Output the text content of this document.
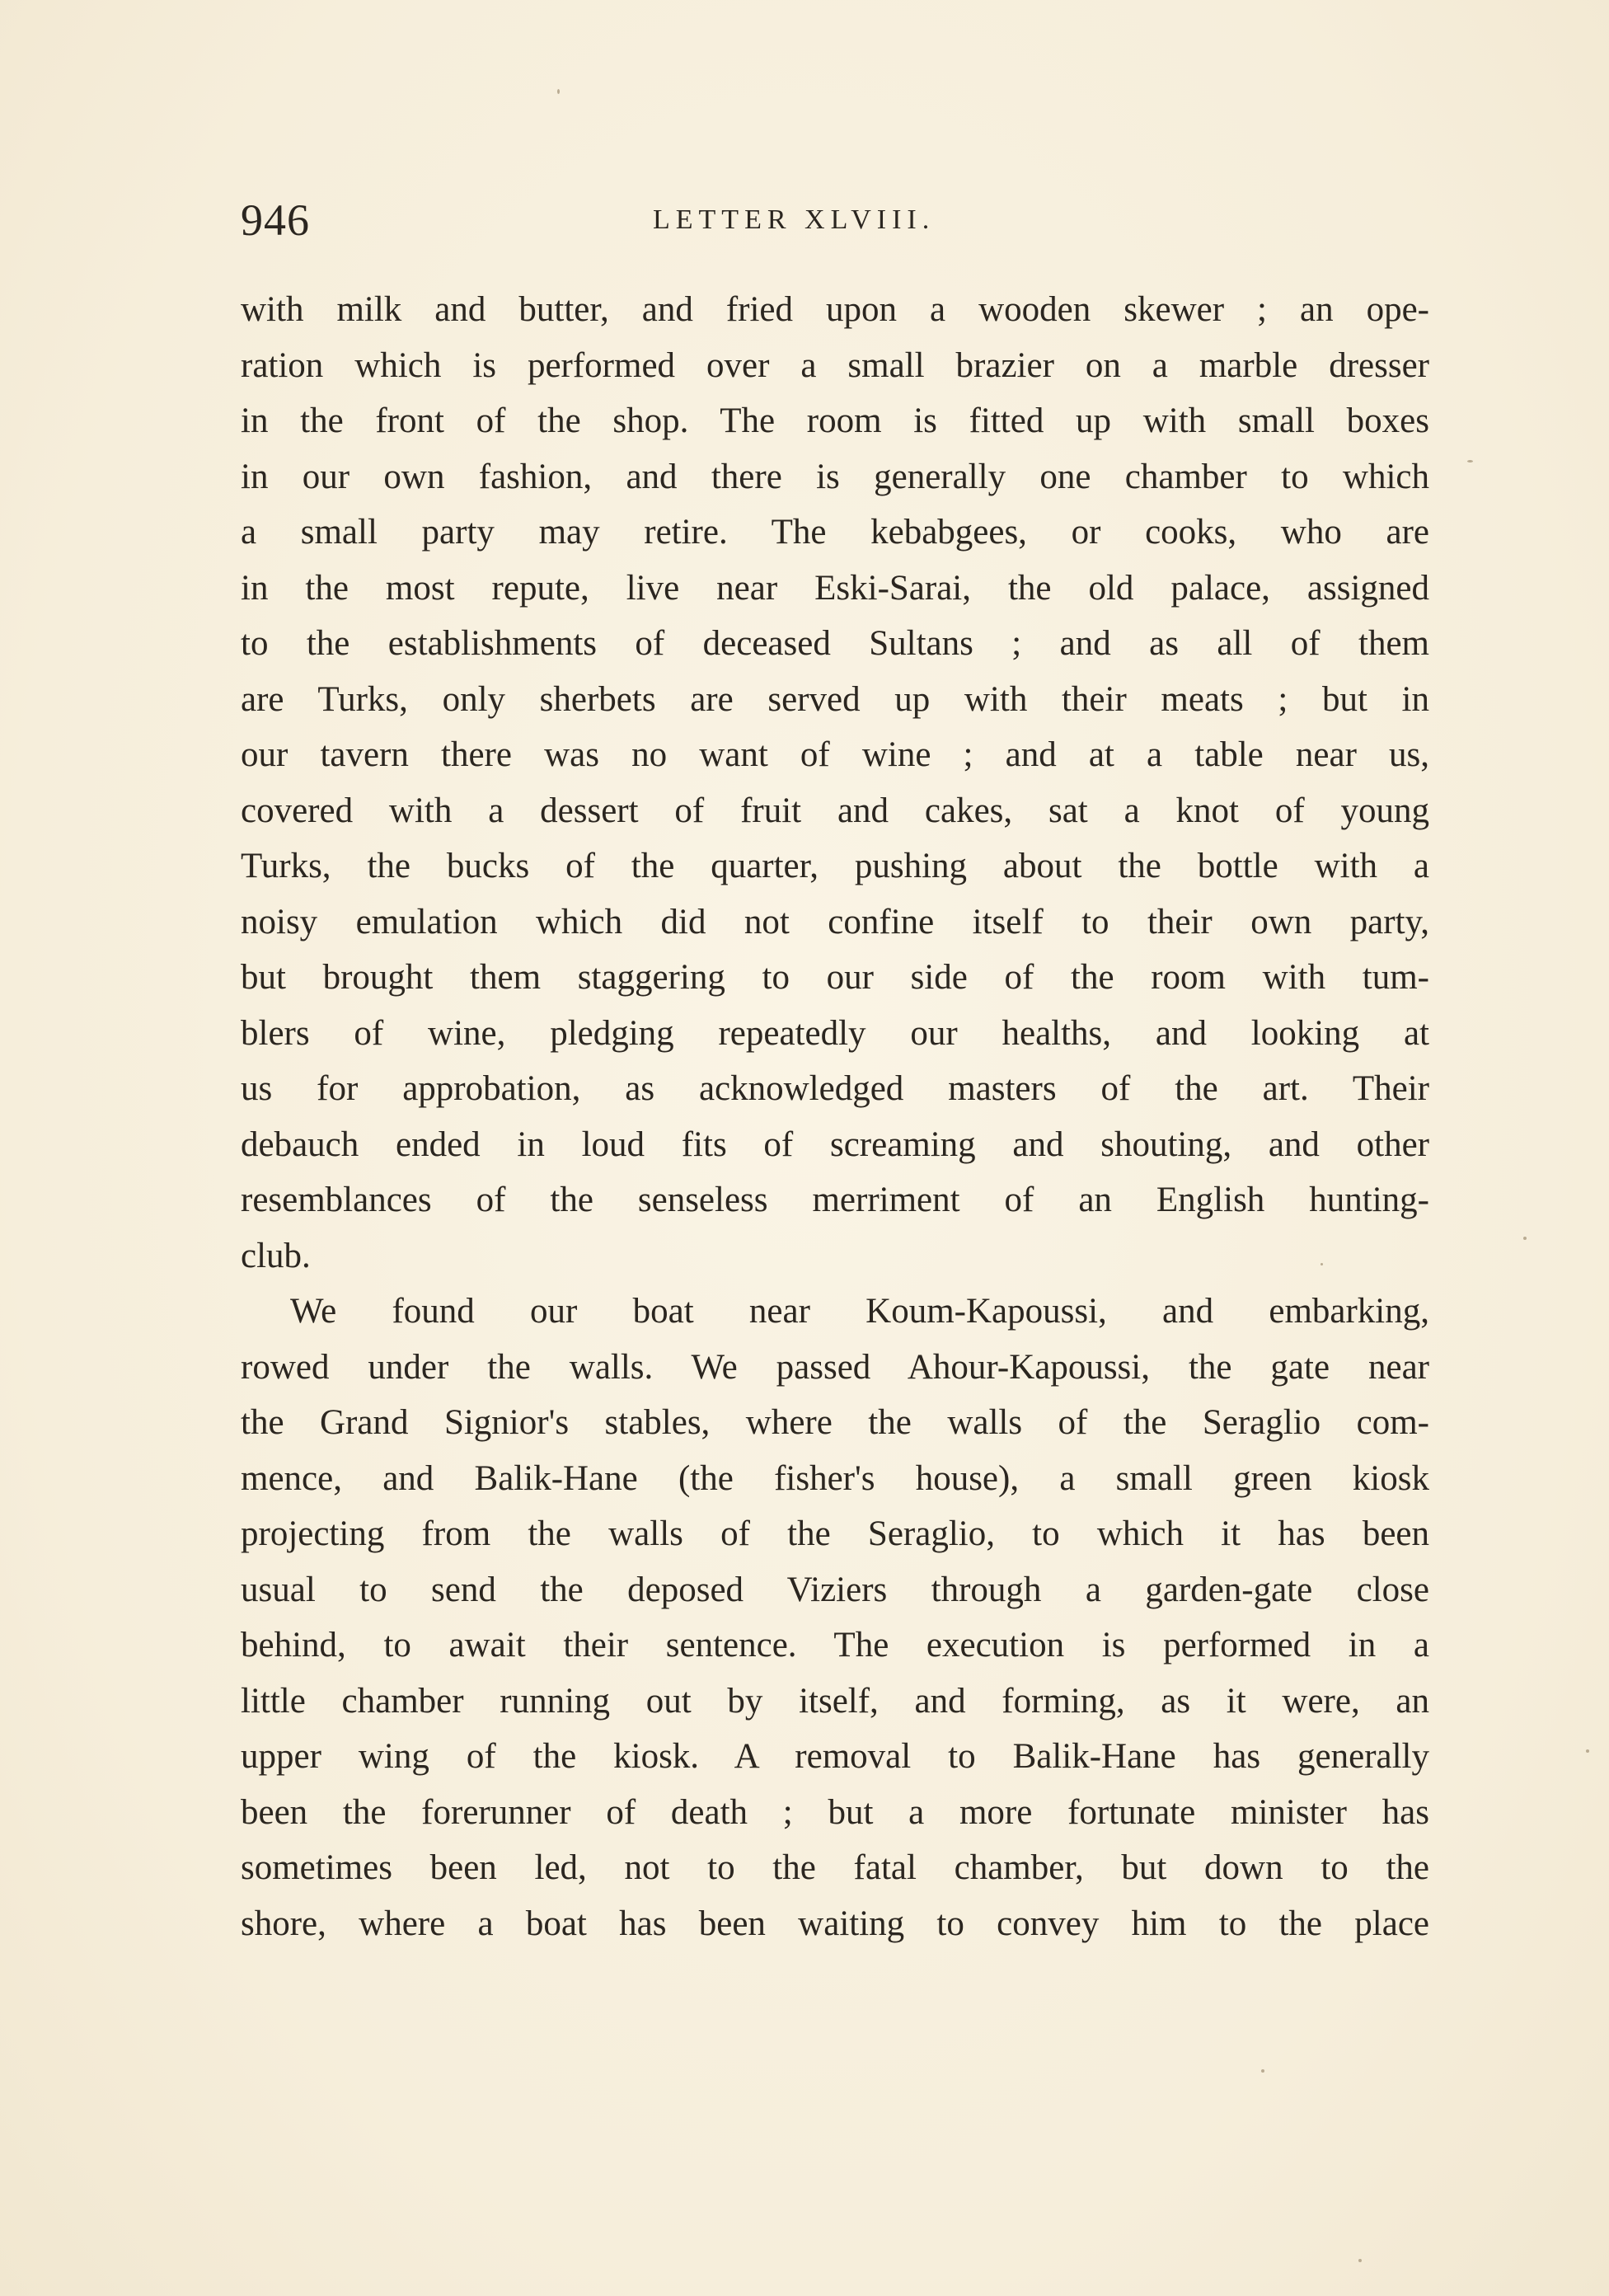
946	LETTER XLVIII.
with milk and butter, and fried upon a wooden skewer ; an ope-
ration which is performed over a small brazier on a marble dresser
in the front of the shop. The room is fitted up with small boxes
in our own fashion, and there is generally one chamber to which
a small party may retire. The kebabgees, or cooks, who are
in the most repute, live near Eski-Sarai, the old palace, assigned
to the establishments of deceased Sultans ; and as all of them
are Turks, only sherbets are served up with their meats ; but in
our tavern there was no want of wine ; and at a table near us,
covered with a dessert of fruit and cakes, sat a knot of young
Turks, the bucks of the quarter, pushing about the bottle with a
noisy emulation which did not confine itself to their own party,
but brought them staggering to our side of the room with tum-
blers of wine, pledging repeatedly our healths, and looking at
us for approbation, as acknowledged masters of the art. Their
debauch ended in loud fits of screaming and shouting, and other
resemblances of the senseless merriment of an English hunting-
club.
We found our boat near Koum-Kapoussi, and embarking,
rowed under the walls. We passed Ahour-Kapoussi, the gate near
the Grand Signior's stables, where the walls of the Seraglio com-
mence, and Balik-Hane (the fisher's house), a small green kiosk
projecting from the walls of the Seraglio, to which it has been
usual to send the deposed Viziers through a garden-gate close
behind, to await their sentence. The execution is performed in a
little chamber running out by itself, and forming, as it were, an
upper wing of the kiosk. A removal to Balik-Hane has generally
been the forerunner of death ; but a more fortunate minister has
sometimes been led, not to the fatal chamber, but down to the
shore, where a boat has been waiting to convey him to the place
